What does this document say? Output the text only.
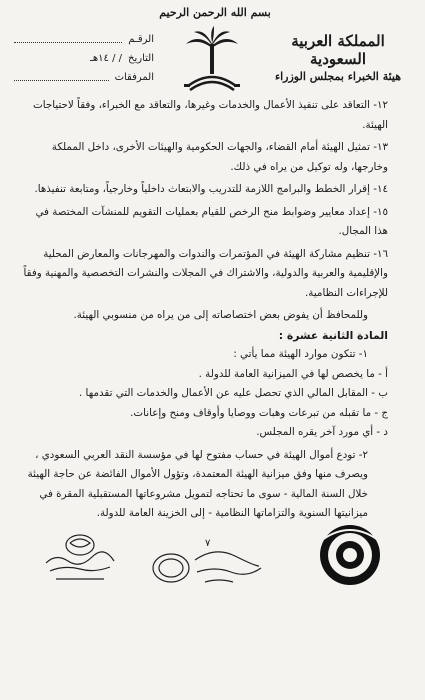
بسم الله الرحمن الرحيم
المملكة العربية السعودية
هيئة الخبراء بمجلس الوزراء
الرقـم
التاريخ
/ / ١٤هـ
المرفقات

١٢- التعاقد على تنفيذ الأعمال والخدمات وغيرها، والتعاقد مع الخبراء، وفقاً لاحتياجات الهيئة.

١٣- تمثيل الهيئة أمام القضاء، والجهات الحكومية والهيئات الأخرى، داخل المملكة وخارجها، وله توكيل من يراه في ذلك.

١٤- إقرار الخطط والبرامج اللازمة للتدريب والابتعاث داخلياً وخارجياً، ومتابعة تنفيذها.

١٥- إعداد معايير وضوابط منح الرخص للقيام بعمليات التقويم للمنشآت المختصة في هذا المجال.

١٦- تنظيم مشاركة الهيئة في المؤتمرات والندوات والمهرجانات والمعارض المحلية والإقليمية والعربية والدولية، والاشتراك في المجلات والنشرات التخصصية والمهنية وفقاً للإجراءات النظامية.

وللمحافظ أن يفوض بعض اختصاصاته إلى من يراه من منسوبي الهيئة.

المادة الثانية عشرة :

١- تتكون موارد الهيئة مما يأتي :

أ - ما يخصص لها في الميزانية العامة للدولة .

ب - المقابل المالي الذي تحصل عليه عن الأعمال والخدمات التي تقدمها .

ج - ما تقبله من تبرعات وهبات ووصايا وأوقاف ومنح وإعانات.

د - أي مورد آخر يقره المجلس.

٢- تودع أموال الهيئة في حساب مفتوح لها في مؤسسة النقد العربي السعودي ، ويصرف منها وفق ميزانية الهيئة المعتمدة، وتؤول الأموال الفائضة عن حاجة الهيئة خلال السنة المالية - سوى ما تحتاجه لتمويل مشروعاتها المستقبلية المقرة في ميزانيتها السنوية والتزاماتها النظامية - إلى الخزينة العامة للدولة.

٧
